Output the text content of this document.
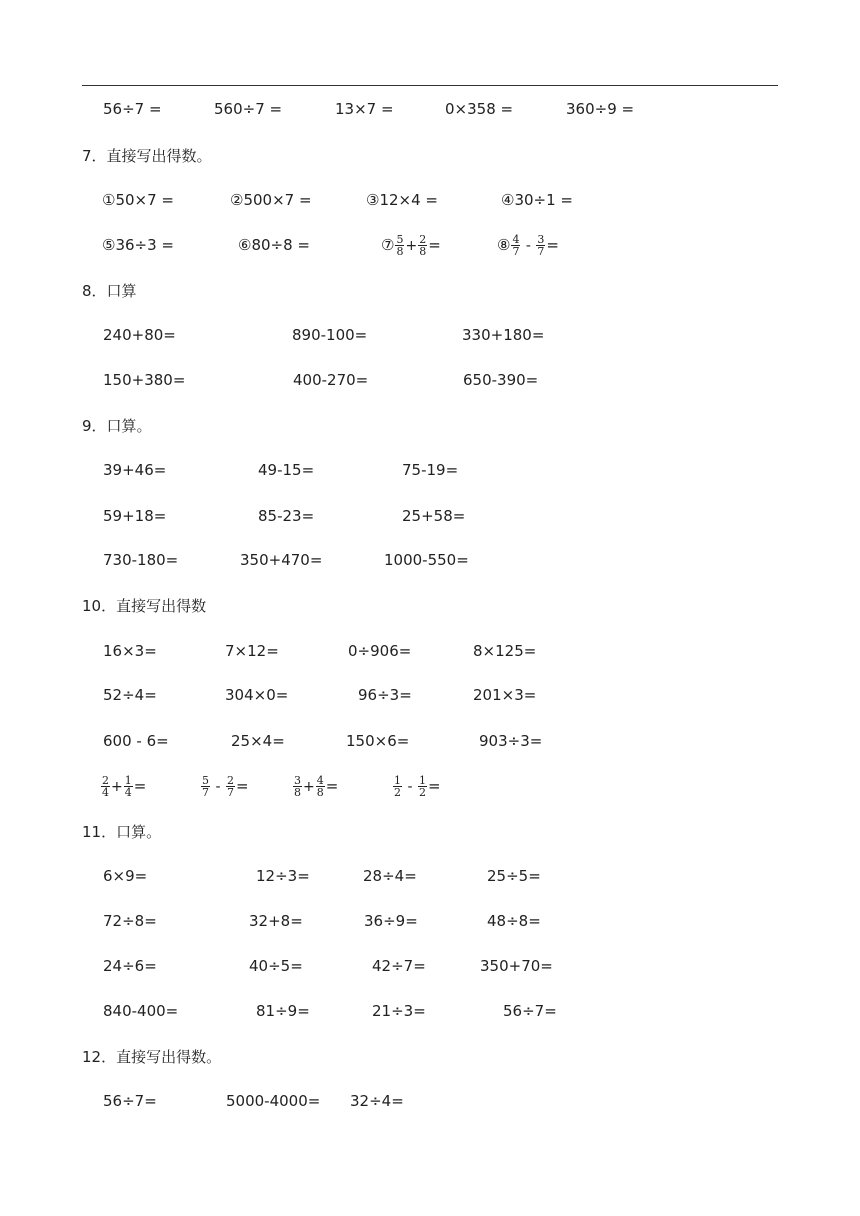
56÷7 =	560÷7 =	13×7 =	0×358 =	360÷9 =
7．直接写出得数。
①50×7 =	②500×7 =	③12×4 =	④30÷1 =
⑤36÷3 =	⑥80÷8 =	⑦ $\frac{5}{8} + \frac{2}{8}$ =	⑧ $\frac{4}{7} - \frac{3}{7}$ =
8．口算
240+80=	890-100=	330+180=
150+380=	400-270=	650-390=
9．口算。
39+46=	49-15=	75-19=
59+18=	85-23=	25+58=
730-180=	350+470=	1000-550=
10．直接写出得数
16×3=	7×12=	0÷906=	8×125=
52÷4=	304×0=	96÷3=	201×3=
600 - 6=	25×4=	150×6=	903÷3=
$\frac{2}{4} + \frac{1}{4}$ =	$\frac{5}{7} - \frac{2}{7}$ =	$\frac{3}{8} + \frac{4}{8}$ =	$\frac{1}{2} - \frac{1}{2}$ =
11．口算。
6×9=	12÷3=	28÷4=	25÷5=
72÷8=	32+8=	36÷9=	48÷8=
24÷6=	40÷5=	42÷7=	350+70=
840-400=	81÷9=	21÷3=	56÷7=
12．直接写出得数。
56÷7=	5000-4000= 32÷4=
